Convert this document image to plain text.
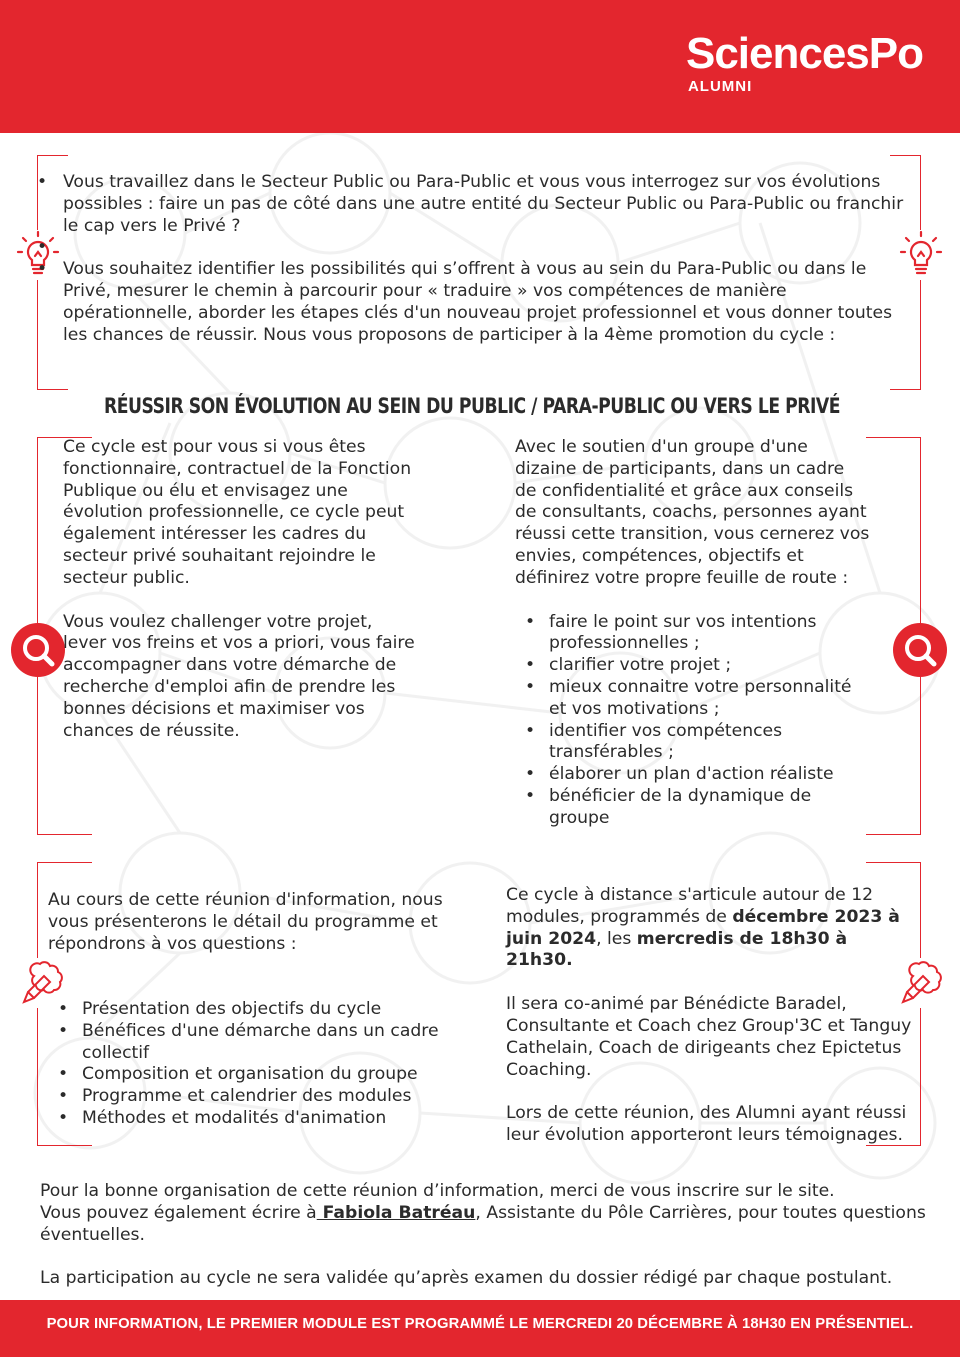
SciencesPo
ALUMNI
• Vous travaillez dans le Secteur Public ou Para-Public et vous vous interrogez sur vos évolutions possibles : faire un pas de côté dans une autre entité du Secteur Public ou Para-Public ou franchir le cap vers le Privé ?
•
• Vous souhaitez identifier les possibilités qui s’offrent à vous au sein du Para-Public ou dans le Privé, mesurer le chemin à parcourir pour « traduire » vos compétences de manière opérationnelle, aborder les étapes clés d'un nouveau projet professionnel et vous donner toutes les chances de réussir. Nous vous proposons de participer à la 4ème promotion du cycle :
RÉUSSIR SON ÉVOLUTION AU SEIN DU PUBLIC / PARA-PUBLIC OU VERS LE PRIVÉ
Ce cycle est pour vous si vous êtes fonctionnaire, contractuel de la Fonction Publique ou élu et envisagez une évolution professionnelle, ce cycle peut également intéresser les cadres du secteur privé souhaitant rejoindre le secteur public.
Vous voulez challenger votre projet, lever vos freins et vos a priori, vous faire accompagner dans votre démarche de recherche d'emploi afin de prendre les bonnes décisions et maximiser vos chances de réussite.
Avec le soutien d'un groupe d'une dizaine de participants, dans un cadre de confidentialité et grâce aux conseils de consultants, coachs, personnes ayant réussi cette transition, vous cernerez vos envies, compétences, objectifs et définirez votre propre feuille de route :
• faire le point sur vos intentions professionnelles ;
• clarifier votre projet ;
• mieux connaitre votre personnalité et vos motivations ;
• identifier vos compétences transférables ;
• élaborer un plan d'action réaliste
• bénéficier de la dynamique de groupe
Au cours de cette réunion d'information, nous vous présenterons le détail du programme et répondrons à vos questions :
• Présentation des objectifs du cycle
• Bénéfices d'une démarche dans un cadre collectif
• Composition et organisation du groupe
• Programme et calendrier des modules
• Méthodes et modalités d'animation
Ce cycle à distance s'articule autour de 12 modules, programmés de décembre 2023 à juin 2024, les mercredis de 18h30 à 21h30.
Il sera co-animé par Bénédicte Baradel, Consultante et Coach chez Group'3C et Tanguy Cathelain, Coach de dirigeants chez Epictetus Coaching.
Lors de cette réunion, des Alumni ayant réussi leur évolution apporteront leurs témoignages.
Pour la bonne organisation de cette réunion d’information, merci de vous inscrire sur le site.
Vous pouvez également écrire à Fabiola Batréau, Assistante du Pôle Carrières, pour toutes questions éventuelles.
La participation au cycle ne sera validée qu’après examen du dossier rédigé par chaque postulant.
POUR INFORMATION, LE PREMIER MODULE EST PROGRAMMÉ LE MERCREDI 20 DÉCEMBRE À 18H30 EN PRÉSENTIEL.
